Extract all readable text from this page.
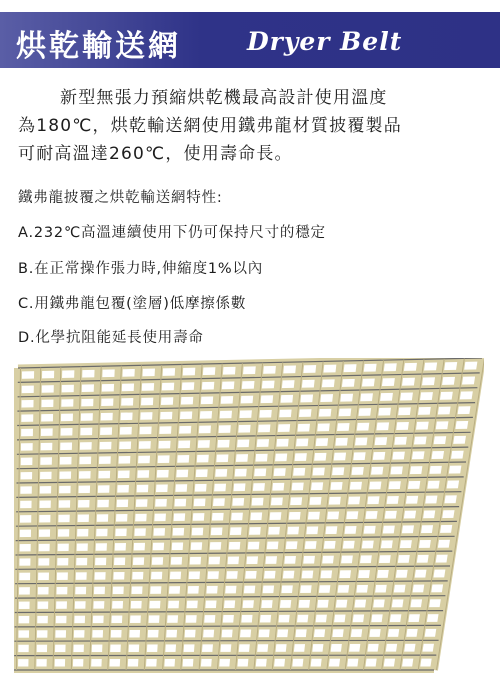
烘乾輸送網	Dryer Belt
新型無張力預縮烘乾機最高設計使用溫度
為180℃，烘乾輸送網使用鐵弗龍材質披覆製品
可耐高溫達260℃，使用壽命長。
鐵弗龍披覆之烘乾輸送網特性:
A.232℃高溫連續使用下仍可保持尺寸的穩定
B.在正常操作張力時,伸縮度1%以內
C.用鐵弗龍包覆(塗層)低摩擦係數
D.化學抗阻能延長使用壽命
